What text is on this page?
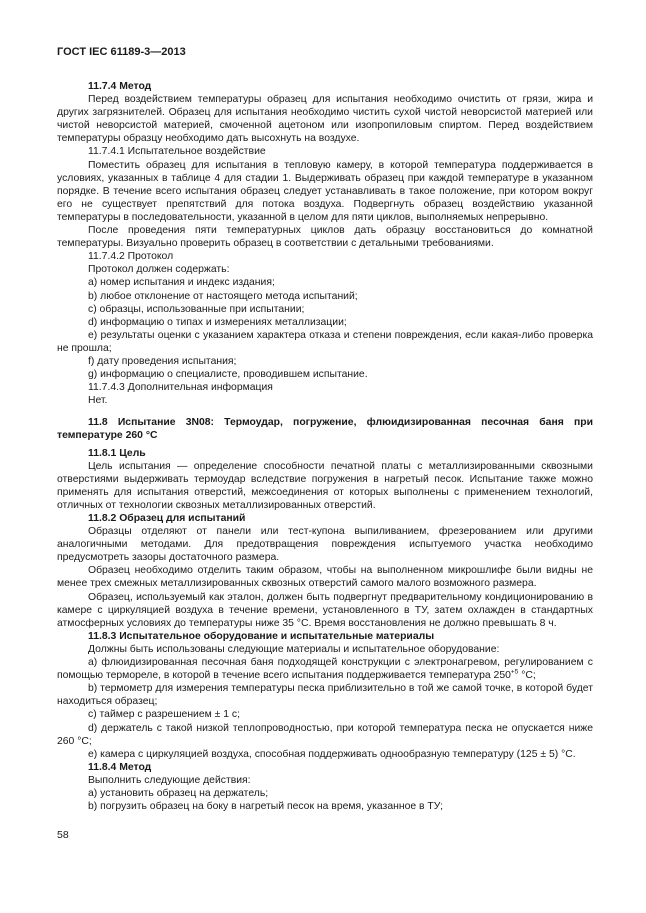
ГОСТ IEC 61189-3—2013

11.7.4 Метод

Перед воздействием температуры образец для испытания необходимо очистить от грязи, жира и других загрязнителей. Образец для испытания необходимо чистить сухой чистой неворсистой материей или чистой неворсистой материей, смоченной ацетоном или изопропиловым спиртом. Перед воздействием температуры образцу необходимо дать высохнуть на воздухе.

11.7.4.1 Испытательное воздействие

Поместить образец для испытания в тепловую камеру, в которой температура поддерживается в условиях, указанных в таблице 4 для стадии 1. Выдерживать образец при каждой температуре в указанном порядке. В течение всего испытания образец следует устанавливать в такое положение, при котором вокруг его не существует препятствий для потока воздуха. Подвергнуть образец воздействию указанной температуры в последовательности, указанной в целом для пяти циклов, выполняемых непрерывно.

После проведения пяти температурных циклов дать образцу восстановиться до комнатной температуры. Визуально проверить образец в соответствии с детальными требованиями.

11.7.4.2 Протокол

Протокол должен содержать:

а) номер испытания и индекс издания;

b) любое отклонение от настоящего метода испытаний;

c) образцы, использованные при испытании;

d) информацию о типах и измерениях металлизации;

e) результаты оценки с указанием характера отказа и степени повреждения, если какая-либо проверка не прошла;

f) дату проведения испытания;

g) информацию о специалисте, проводившем испытание.

11.7.4.3 Дополнительная информация

Нет.

11.8 Испытание 3N08: Термоудар, погружение, флюидизированная песочная баня при температуре 260 °C

11.8.1 Цель

Цель испытания — определение способности печатной платы с металлизированными сквозными отверстиями выдерживать термоудар вследствие погружения в нагретый песок. Испытание также можно применять для испытания отверстий, межсоединения от которых выполнены с применением технологий, отличных от технологии сквозных металлизированных отверстий.

11.8.2 Образец для испытаний

Образцы отделяют от панели или тест-купона выпиливанием, фрезерованием или другими аналогичными методами. Для предотвращения повреждения испытуемого участка необходимо предусмотреть зазоры достаточного размера.

Образец необходимо отделить таким образом, чтобы на выполненном микрошлифе были видны не менее трех смежных металлизированных сквозных отверстий самого малого возможного размера.

Образец, используемый как эталон, должен быть подвергнут предварительному кондиционированию в камере с циркуляцией воздуха в течение времени, установленного в ТУ, затем охлажден в стандартных атмосферных условиях до температуры ниже 35 °C. Время восстановления не должно превышать 8 ч.

11.8.3 Испытательное оборудование и испытательные материалы

Должны быть использованы следующие материалы и испытательное оборудование:

а) флюидизированная песочная баня подходящей конструкции с электронагревом, регулированием с помощью терморелe, в которой в течение всего испытания поддерживается температура $250^{+5}$ °C;

b) термометр для измерения температуры песка приблизительно в той же самой точке, в которой будет находиться образец;

c) таймер с разрешением ± 1 с;

d) держатель с такой низкой теплопроводностью, при которой температура песка не опускается ниже 260 °C;

e) камера с циркуляцией воздуха, способная поддерживать однообразную температуру (125 ± 5) °C.

11.8.4 Метод

Выполнить следующие действия:

а) установить образец на держатель;

b) погрузить образец на боку в нагретый песок на время, указанное в ТУ;

58
